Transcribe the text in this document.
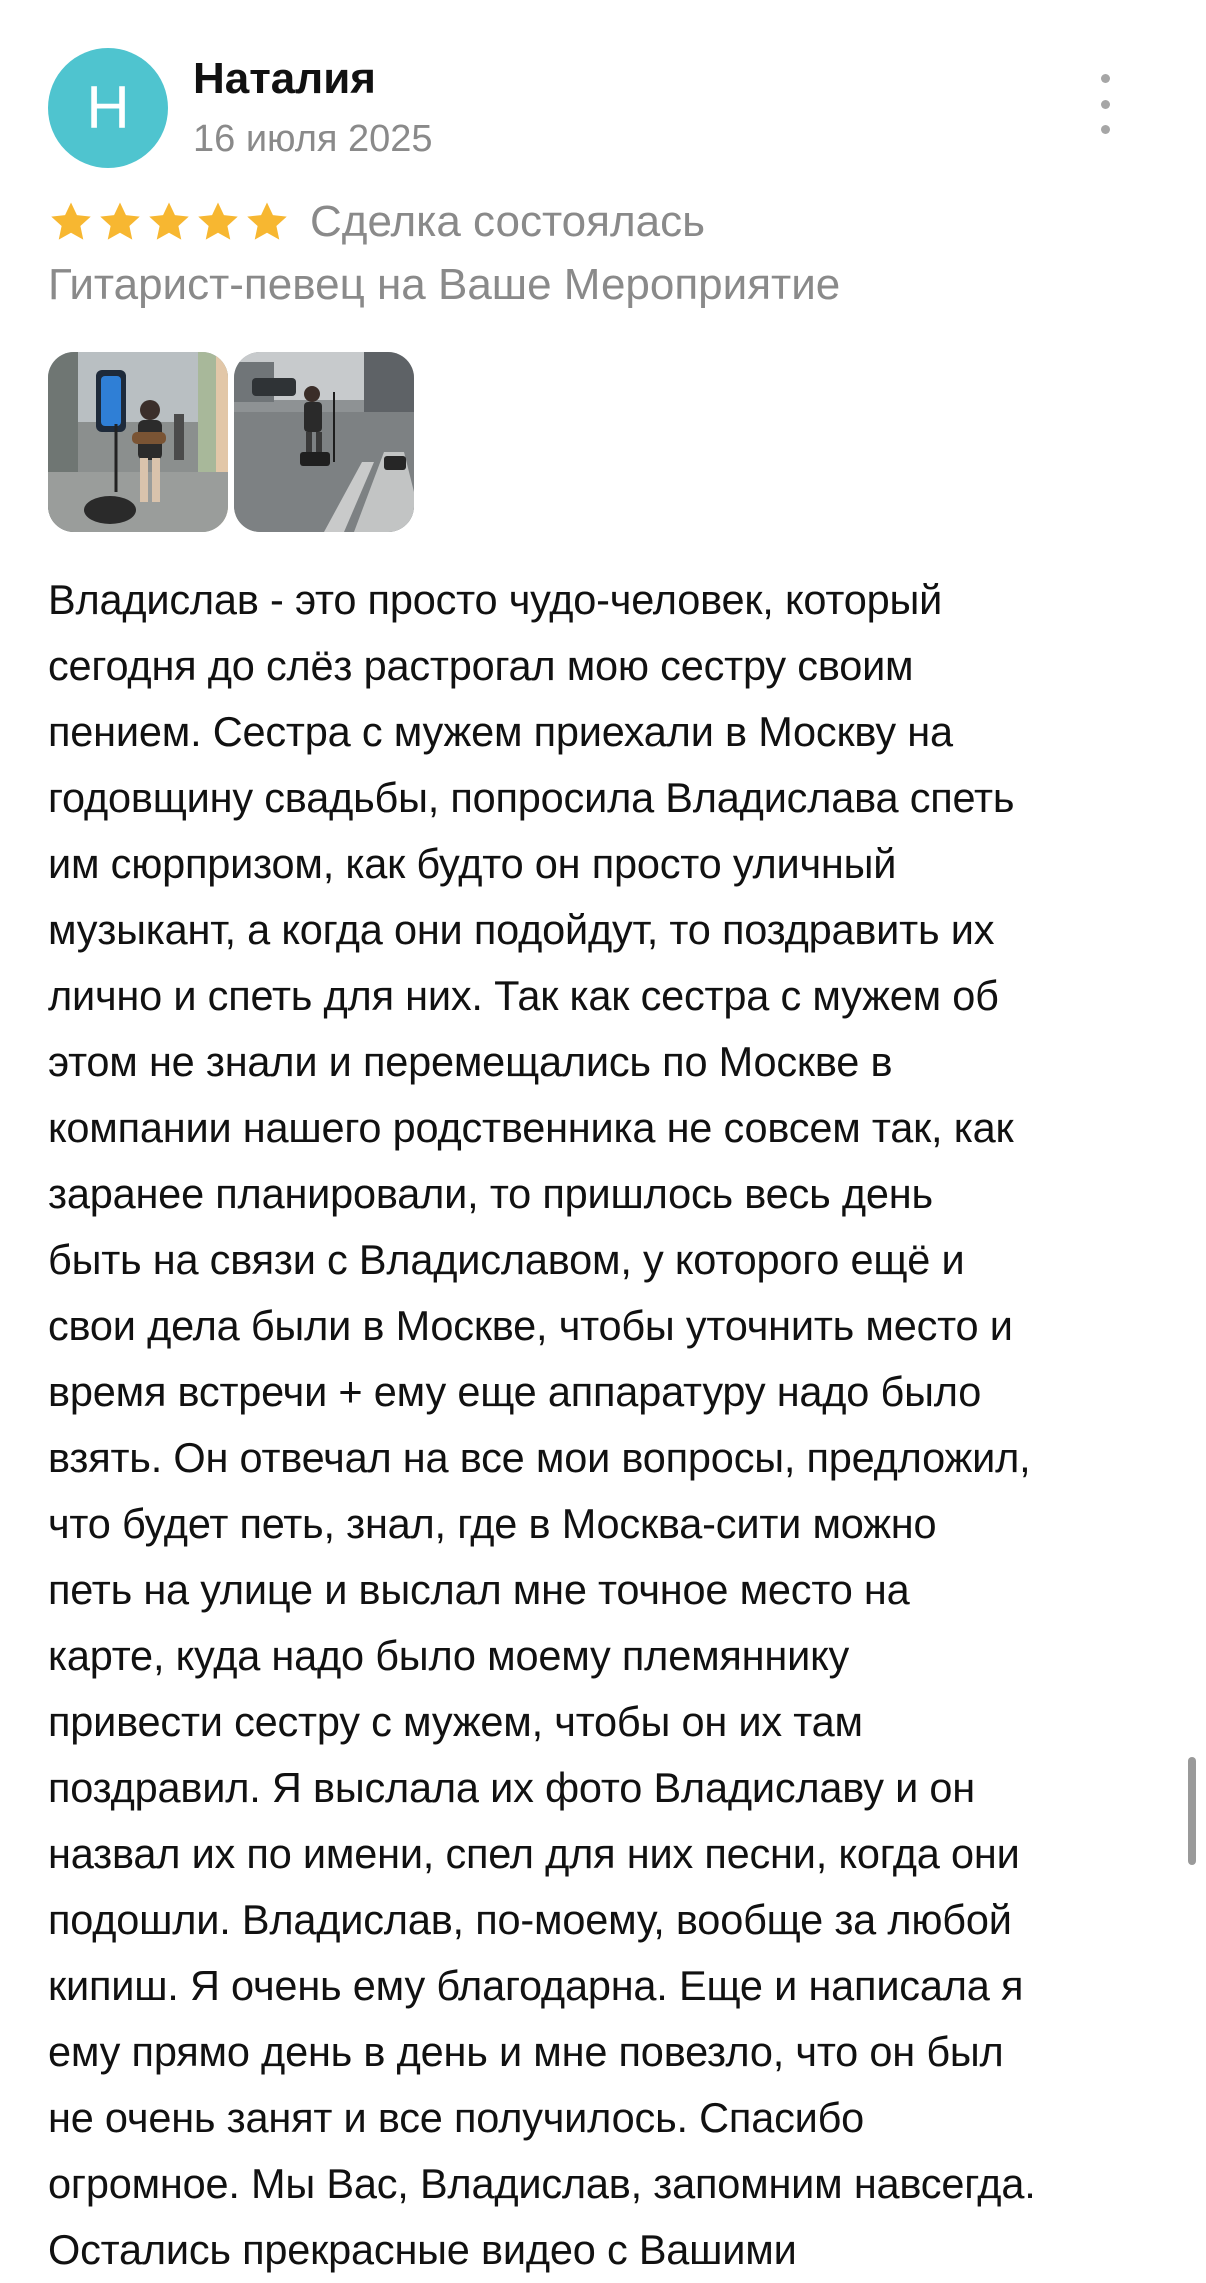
Н Наталия
16 июля 2025
Сделка состоялась
Гитарист-певец на Ваше Мероприятие
Владислав - это просто чудо-человек, который
сегодня до слёз растрогал мою сестру своим
пением. Сестра с мужем приехали в Москву на
годовщину свадьбы, попросила Владислава спеть
им сюрпризом, как будто он просто уличный
музыкант, а когда они подойдут, то поздравить их
лично и спеть для них. Так как сестра с мужем об
этом не знали и перемещались по Москве в
компании нашего родственника не совсем так, как
заранее планировали, то пришлось весь день
быть на связи с Владиславом, у которого ещё и
свои дела были в Москве, чтобы уточнить место и
время встречи + ему еще аппаратуру надо было
взять. Он отвечал на все мои вопросы, предложил,
что будет петь, знал, где в Москва-сити можно
петь на улице и выслал мне точное место на
карте, куда надо было моему племяннику
привести сестру с мужем, чтобы он их там
поздравил. Я выслала их фото Владиславу и он
назвал их по имени, спел для них песни, когда они
подошли. Владислав, по-моему, вообще за любой
кипиш. Я очень ему благодарна. Еще и написала я
ему прямо день в день и мне повезло, что он был
не очень занят и все получилось. Спасибо
огромное. Мы Вас, Владислав, запомним навсегда.
Остались прекрасные видео с Вашими
